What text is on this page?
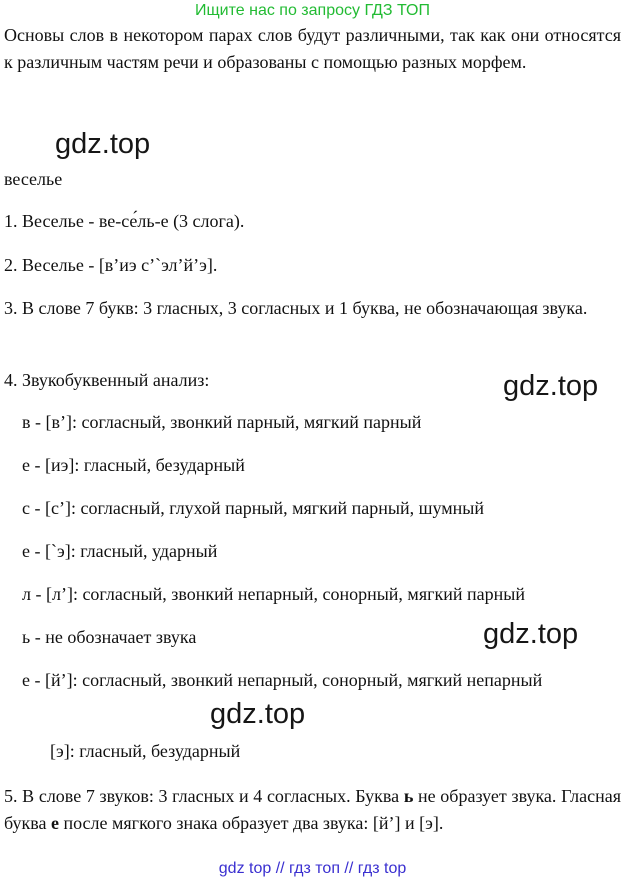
Ищите нас по запросу ГДЗ ТОП
Основы слов в некотором парах слов будут различными, так как они относятся к различным частям речи и образованы с помощью разных морфем.
gdz.top
веселье
1. Веселье - ве-се́ль-е (3 слога).
2. Веселье - [в’иэ с’`эл’й’э].
3. В слове 7 букв: 3 гласных, 3 согласных и 1 буква, не обозначающая звука.
4. Звукобуквенный анализ:	gdz.top
в - [в’]: согласный, звонкий парный, мягкий парный
е - [иэ]: гласный, безударный
с - [с’]: согласный, глухой парный, мягкий парный, шумный
е - [`э]: гласный, ударный
л - [л’]: согласный, звонкий непарный, сонорный, мягкий парный
ь - не обозначает звука	gdz.top
е - [й’]: согласный, звонкий непарный, сонорный, мягкий непарный
gdz.top
[э]: гласный, безударный
5. В слове 7 звуков: 3 гласных и 4 согласных. Буква ь не образует звука. Гласная буква е после мягкого знака образует два звука: [й’] и [э].
gdz top // гдз топ // гдз top
